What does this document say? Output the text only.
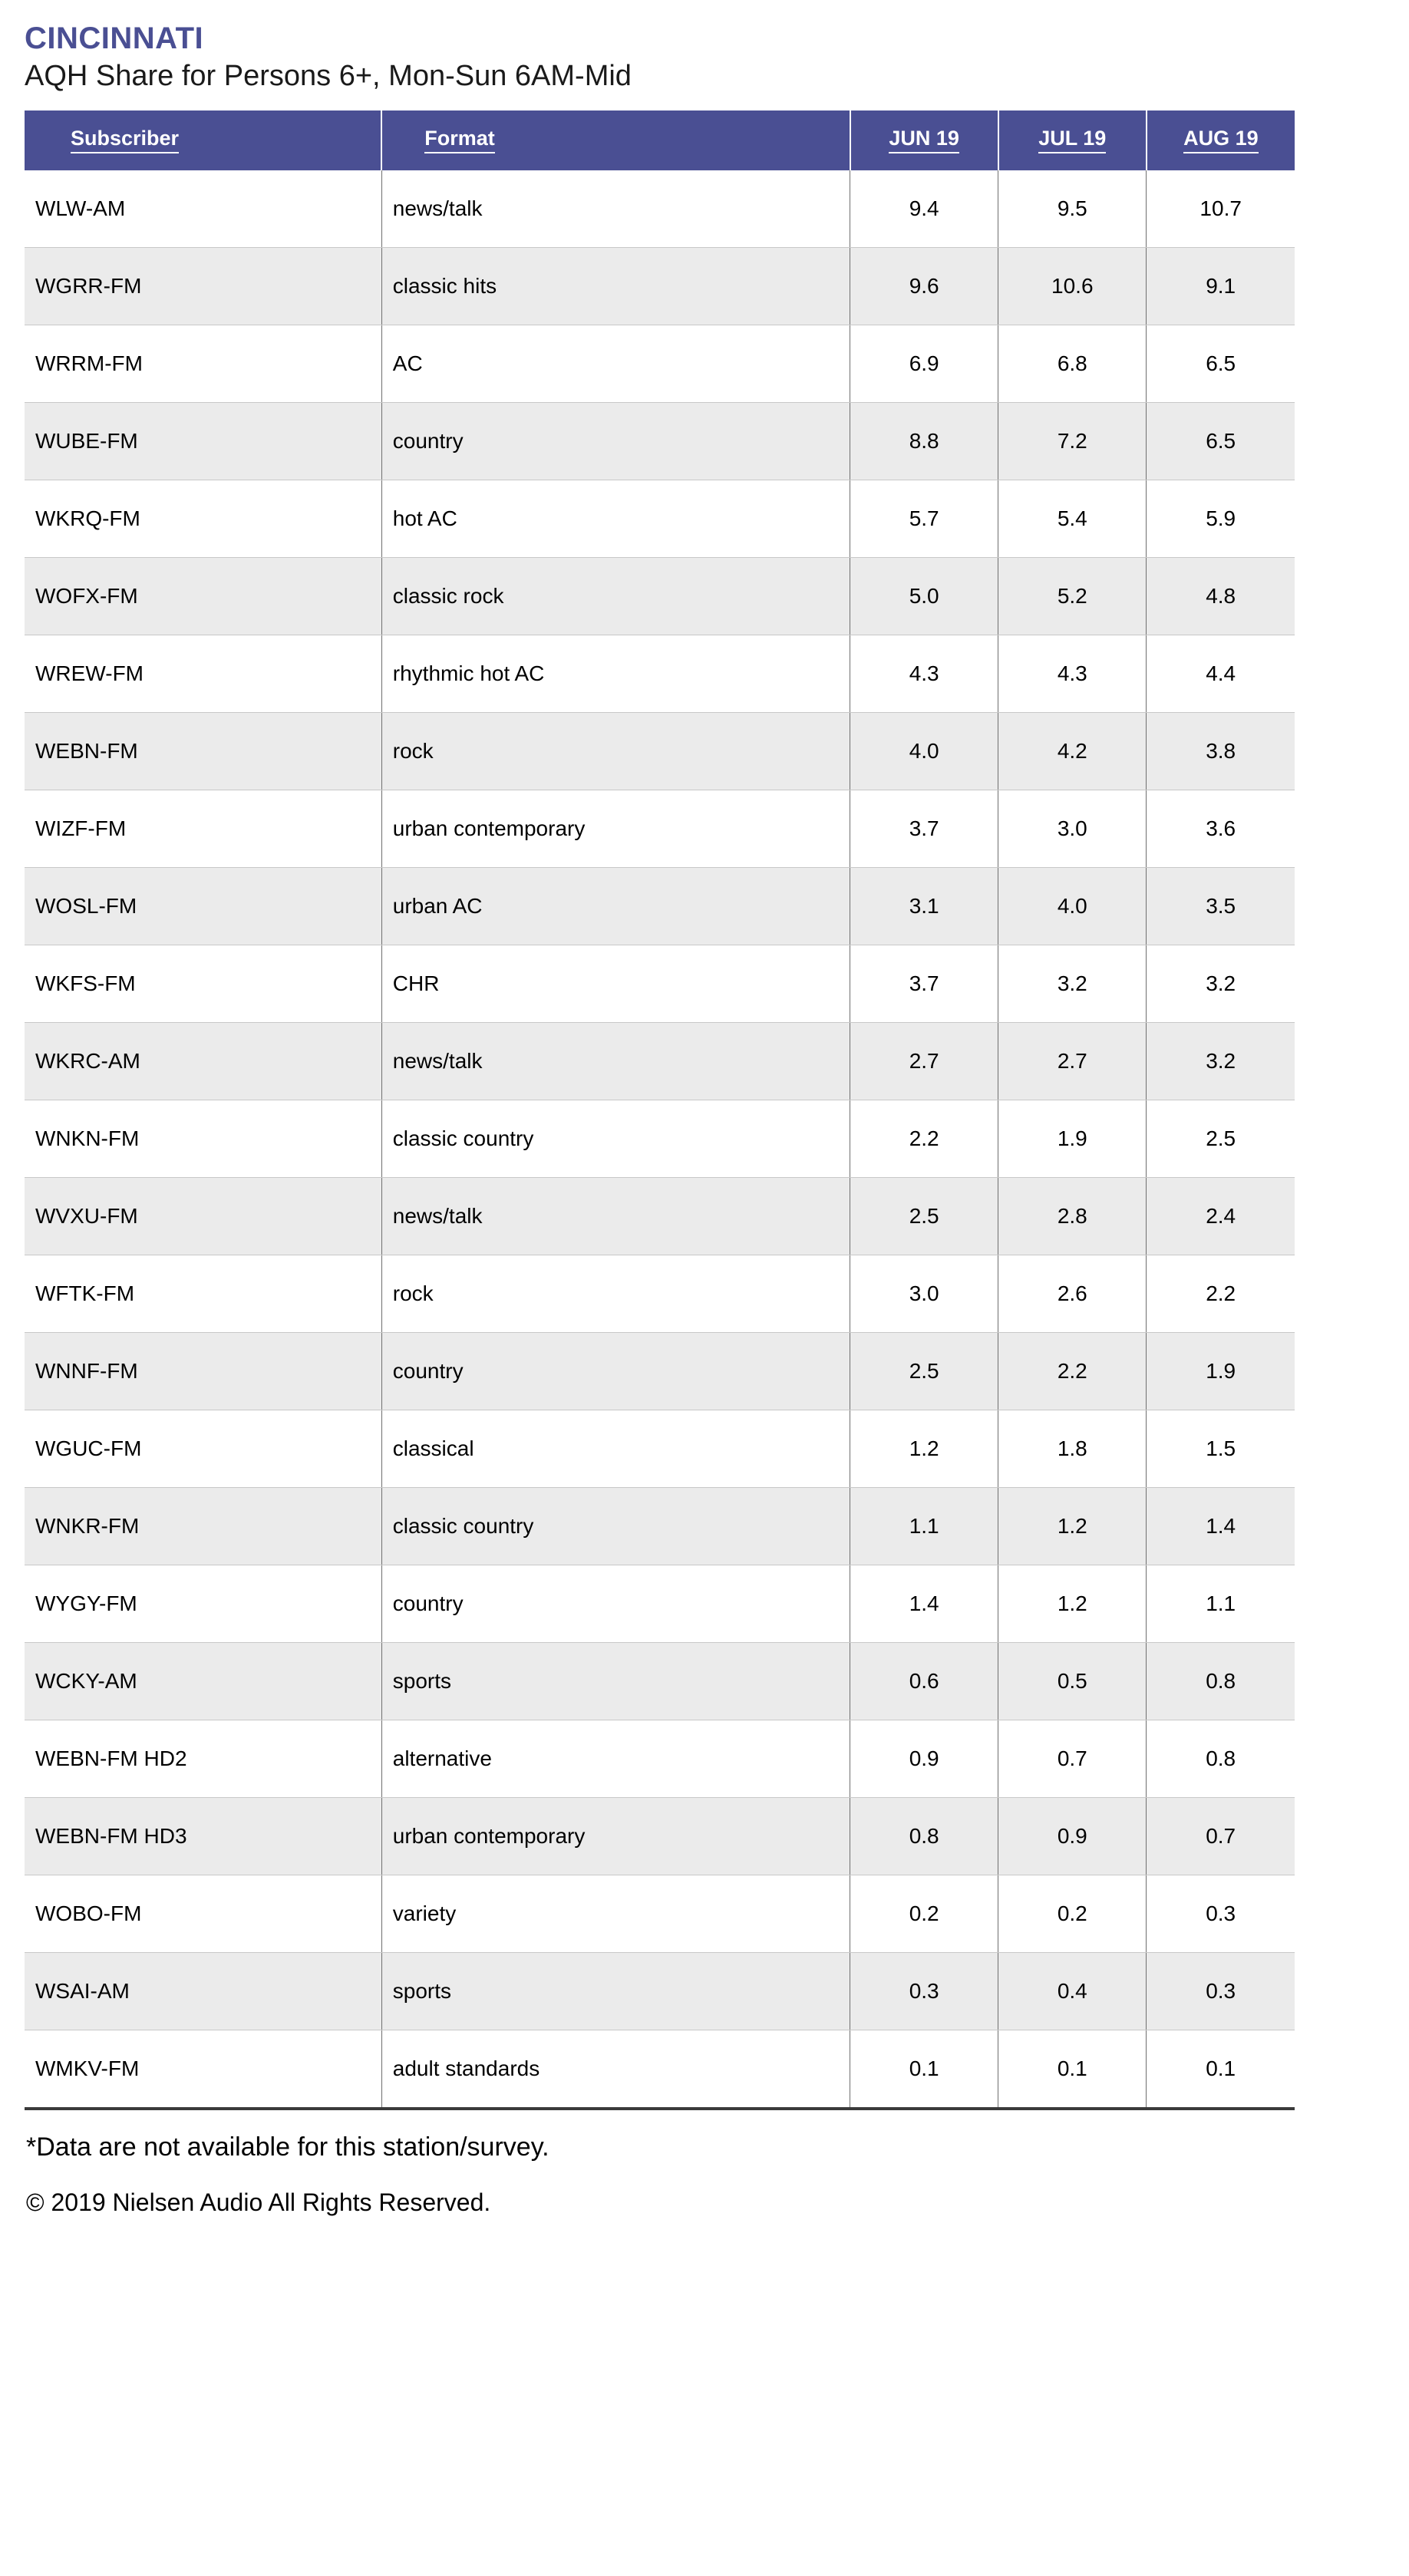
CINCINNATI
AQH Share for Persons 6+, Mon-Sun 6AM-Mid
Subscriber	Format	JUN 19	JUL 19	AUG 19
WLW-AM	news/talk	9.4	9.5	10.7
WGRR-FM	classic hits	9.6	10.6	9.1
WRRM-FM	AC	6.9	6.8	6.5
WUBE-FM	country	8.8	7.2	6.5
WKRQ-FM	hot AC	5.7	5.4	5.9
WOFX-FM	classic rock	5.0	5.2	4.8
WREW-FM	rhythmic hot AC	4.3	4.3	4.4
WEBN-FM	rock	4.0	4.2	3.8
WIZF-FM	urban contemporary	3.7	3.0	3.6
WOSL-FM	urban AC	3.1	4.0	3.5
WKFS-FM	CHR	3.7	3.2	3.2
WKRC-AM	news/talk	2.7	2.7	3.2
WNKN-FM	classic country	2.2	1.9	2.5
WVXU-FM	news/talk	2.5	2.8	2.4
WFTK-FM	rock	3.0	2.6	2.2
WNNF-FM	country	2.5	2.2	1.9
WGUC-FM	classical	1.2	1.8	1.5
WNKR-FM	classic country	1.1	1.2	1.4
WYGY-FM	country	1.4	1.2	1.1
WCKY-AM	sports	0.6	0.5	0.8
WEBN-FM HD2	alternative	0.9	0.7	0.8
WEBN-FM HD3	urban contemporary	0.8	0.9	0.7
WOBO-FM	variety	0.2	0.2	0.3
WSAI-AM	sports	0.3	0.4	0.3
WMKV-FM	adult standards	0.1	0.1	0.1
*Data are not available for this station/survey.
© 2019 Nielsen Audio All Rights Reserved.
